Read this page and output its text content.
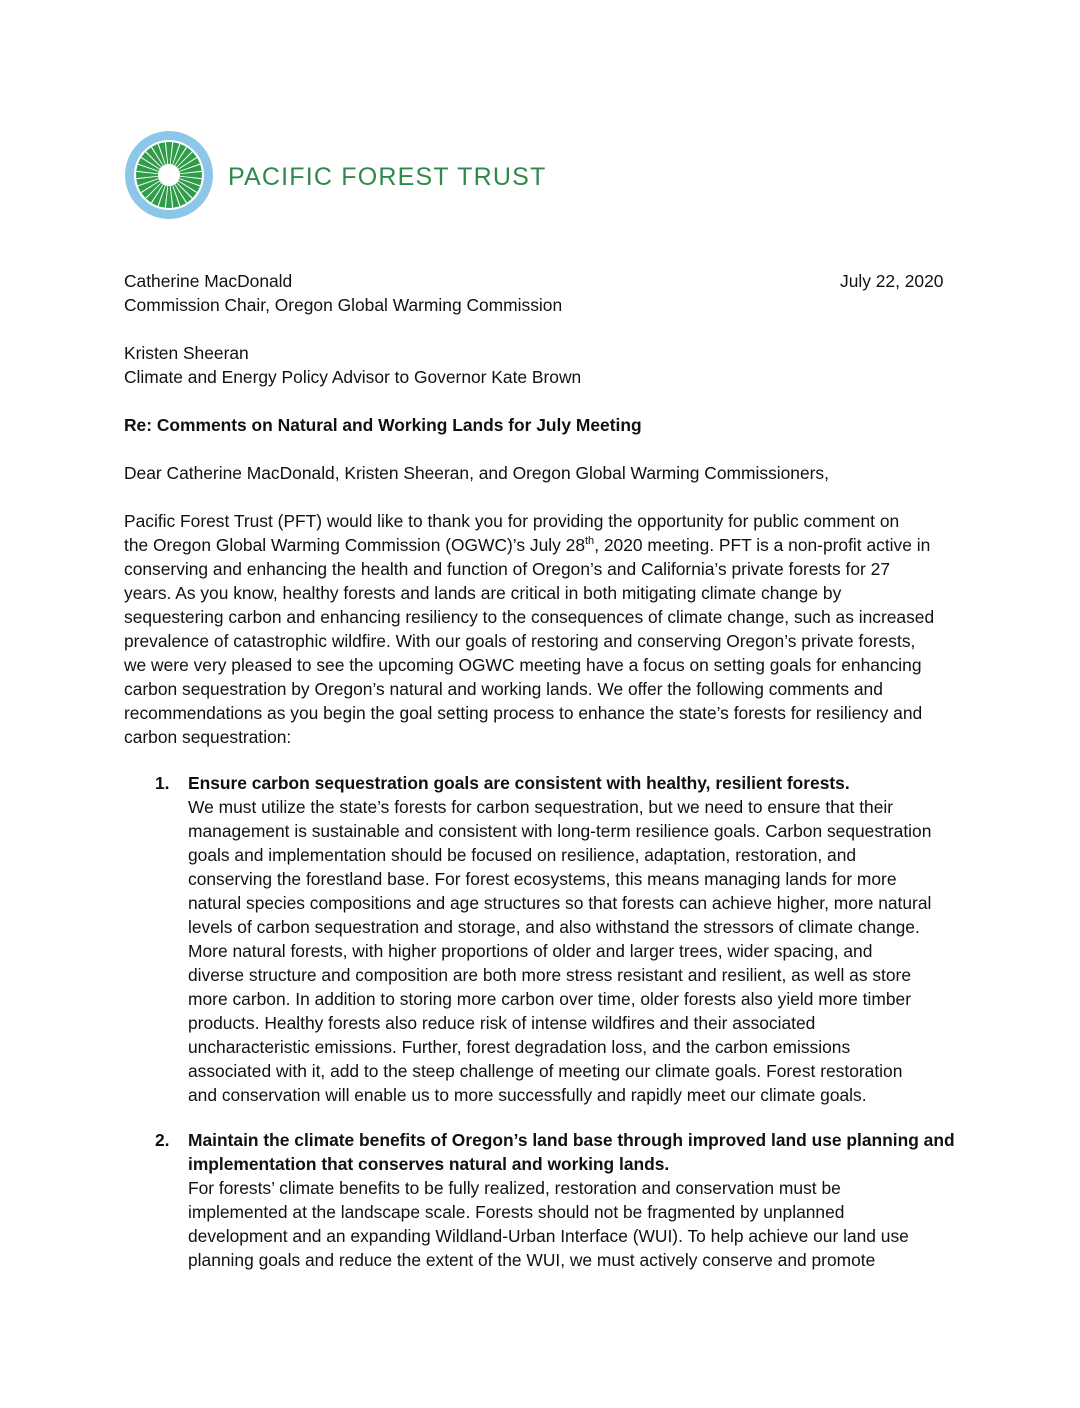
PACIFIC FOREST TRUST
Catherine MacDonald	July 22, 2020
Commission Chair, Oregon Global Warming Commission
Kristen Sheeran
Climate and Energy Policy Advisor to Governor Kate Brown
Re: Comments on Natural and Working Lands for July Meeting
Dear Catherine MacDonald, Kristen Sheeran, and Oregon Global Warming Commissioners,

Pacific Forest Trust (PFT) would like to thank you for providing the opportunity for public comment on

the Oregon Global Warming Commission (OGWC)’s July 28th, 2020 meeting. PFT is a non-profit active in

conserving and enhancing the health and function of Oregon’s and California’s private forests for 27

years. As you know, healthy forests and lands are critical in both mitigating climate change by

sequestering carbon and enhancing resiliency to the consequences of climate change, such as increased

prevalence of catastrophic wildfire. With our goals of restoring and conserving Oregon’s private forests,

we were very pleased to see the upcoming OGWC meeting have a focus on setting goals for enhancing

carbon sequestration by Oregon’s natural and working lands. We offer the following comments and

recommendations as you begin the goal setting process to enhance the state’s forests for resiliency and

carbon sequestration:

1. Ensure carbon sequestration goals are consistent with healthy, resilient forests.

We must utilize the state’s forests for carbon sequestration, but we need to ensure that their

management is sustainable and consistent with long-term resilience goals. Carbon sequestration

goals and implementation should be focused on resilience, adaptation, restoration, and

conserving the forestland base. For forest ecosystems, this means managing lands for more

natural species compositions and age structures so that forests can achieve higher, more natural

levels of carbon sequestration and storage, and also withstand the stressors of climate change.

More natural forests, with higher proportions of older and larger trees, wider spacing, and

diverse structure and composition are both more stress resistant and resilient, as well as store

more carbon. In addition to storing more carbon over time, older forests also yield more timber

products. Healthy forests also reduce risk of intense wildfires and their associated

uncharacteristic emissions. Further, forest degradation loss, and the carbon emissions

associated with it, add to the steep challenge of meeting our climate goals. Forest restoration

and conservation will enable us to more successfully and rapidly meet our climate goals.

2. Maintain the climate benefits of Oregon’s land base through improved land use planning and

implementation that conserves natural and working lands.

For forests’ climate benefits to be fully realized, restoration and conservation must be

implemented at the landscape scale. Forests should not be fragmented by unplanned

development and an expanding Wildland-Urban Interface (WUI). To help achieve our land use

planning goals and reduce the extent of the WUI, we must actively conserve and promote
